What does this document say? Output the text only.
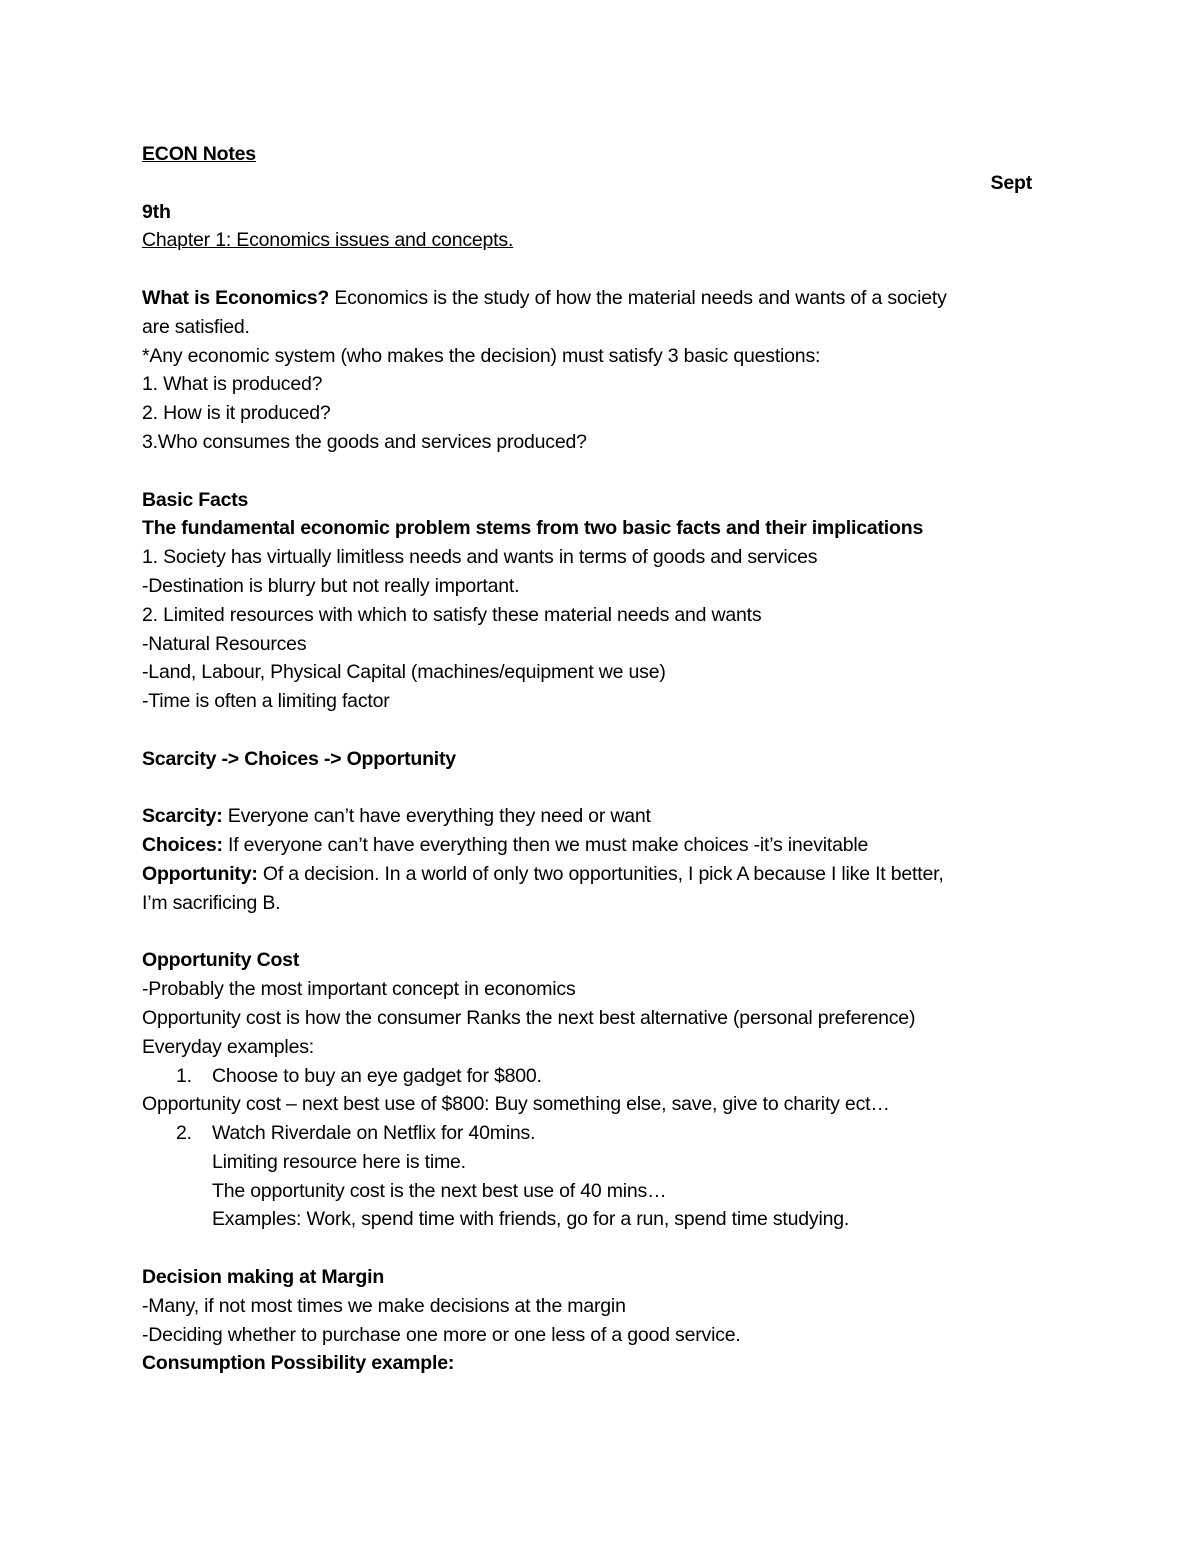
ECON Notes
Sept
9th
Chapter 1: Economics issues and concepts.
What is Economics? Economics is the study of how the material needs and wants of a society
are satisfied.
*Any economic system (who makes the decision) must satisfy 3 basic questions:
1. What is produced?
2. How is it produced?
3.Who consumes the goods and services produced?
Basic Facts
The fundamental economic problem stems from two basic facts and their implications
1. Society has virtually limitless needs and wants in terms of goods and services
-Destination is blurry but not really important.
2. Limited resources with which to satisfy these material needs and wants
-Natural Resources
-Land, Labour, Physical Capital (machines/equipment we use)
-Time is often a limiting factor
Scarcity -> Choices -> Opportunity
Scarcity: Everyone can’t have everything they need or want
Choices: If everyone can’t have everything then we must make choices -it’s inevitable
Opportunity: Of a decision. In a world of only two opportunities, I pick A because I like It better,
I’m sacrificing B.
Opportunity Cost
-Probably the most important concept in economics
Opportunity cost is how the consumer Ranks the next best alternative (personal preference)
Everyday examples:
1. Choose to buy an eye gadget for $800.
Opportunity cost – next best use of $800: Buy something else, save, give to charity ect…
2. Watch Riverdale on Netflix for 40mins.
Limiting resource here is time.
The opportunity cost is the next best use of 40 mins…
Examples: Work, spend time with friends, go for a run, spend time studying.
Decision making at Margin
-Many, if not most times we make decisions at the margin
-Deciding whether to purchase one more or one less of a good service.
Consumption Possibility example:
